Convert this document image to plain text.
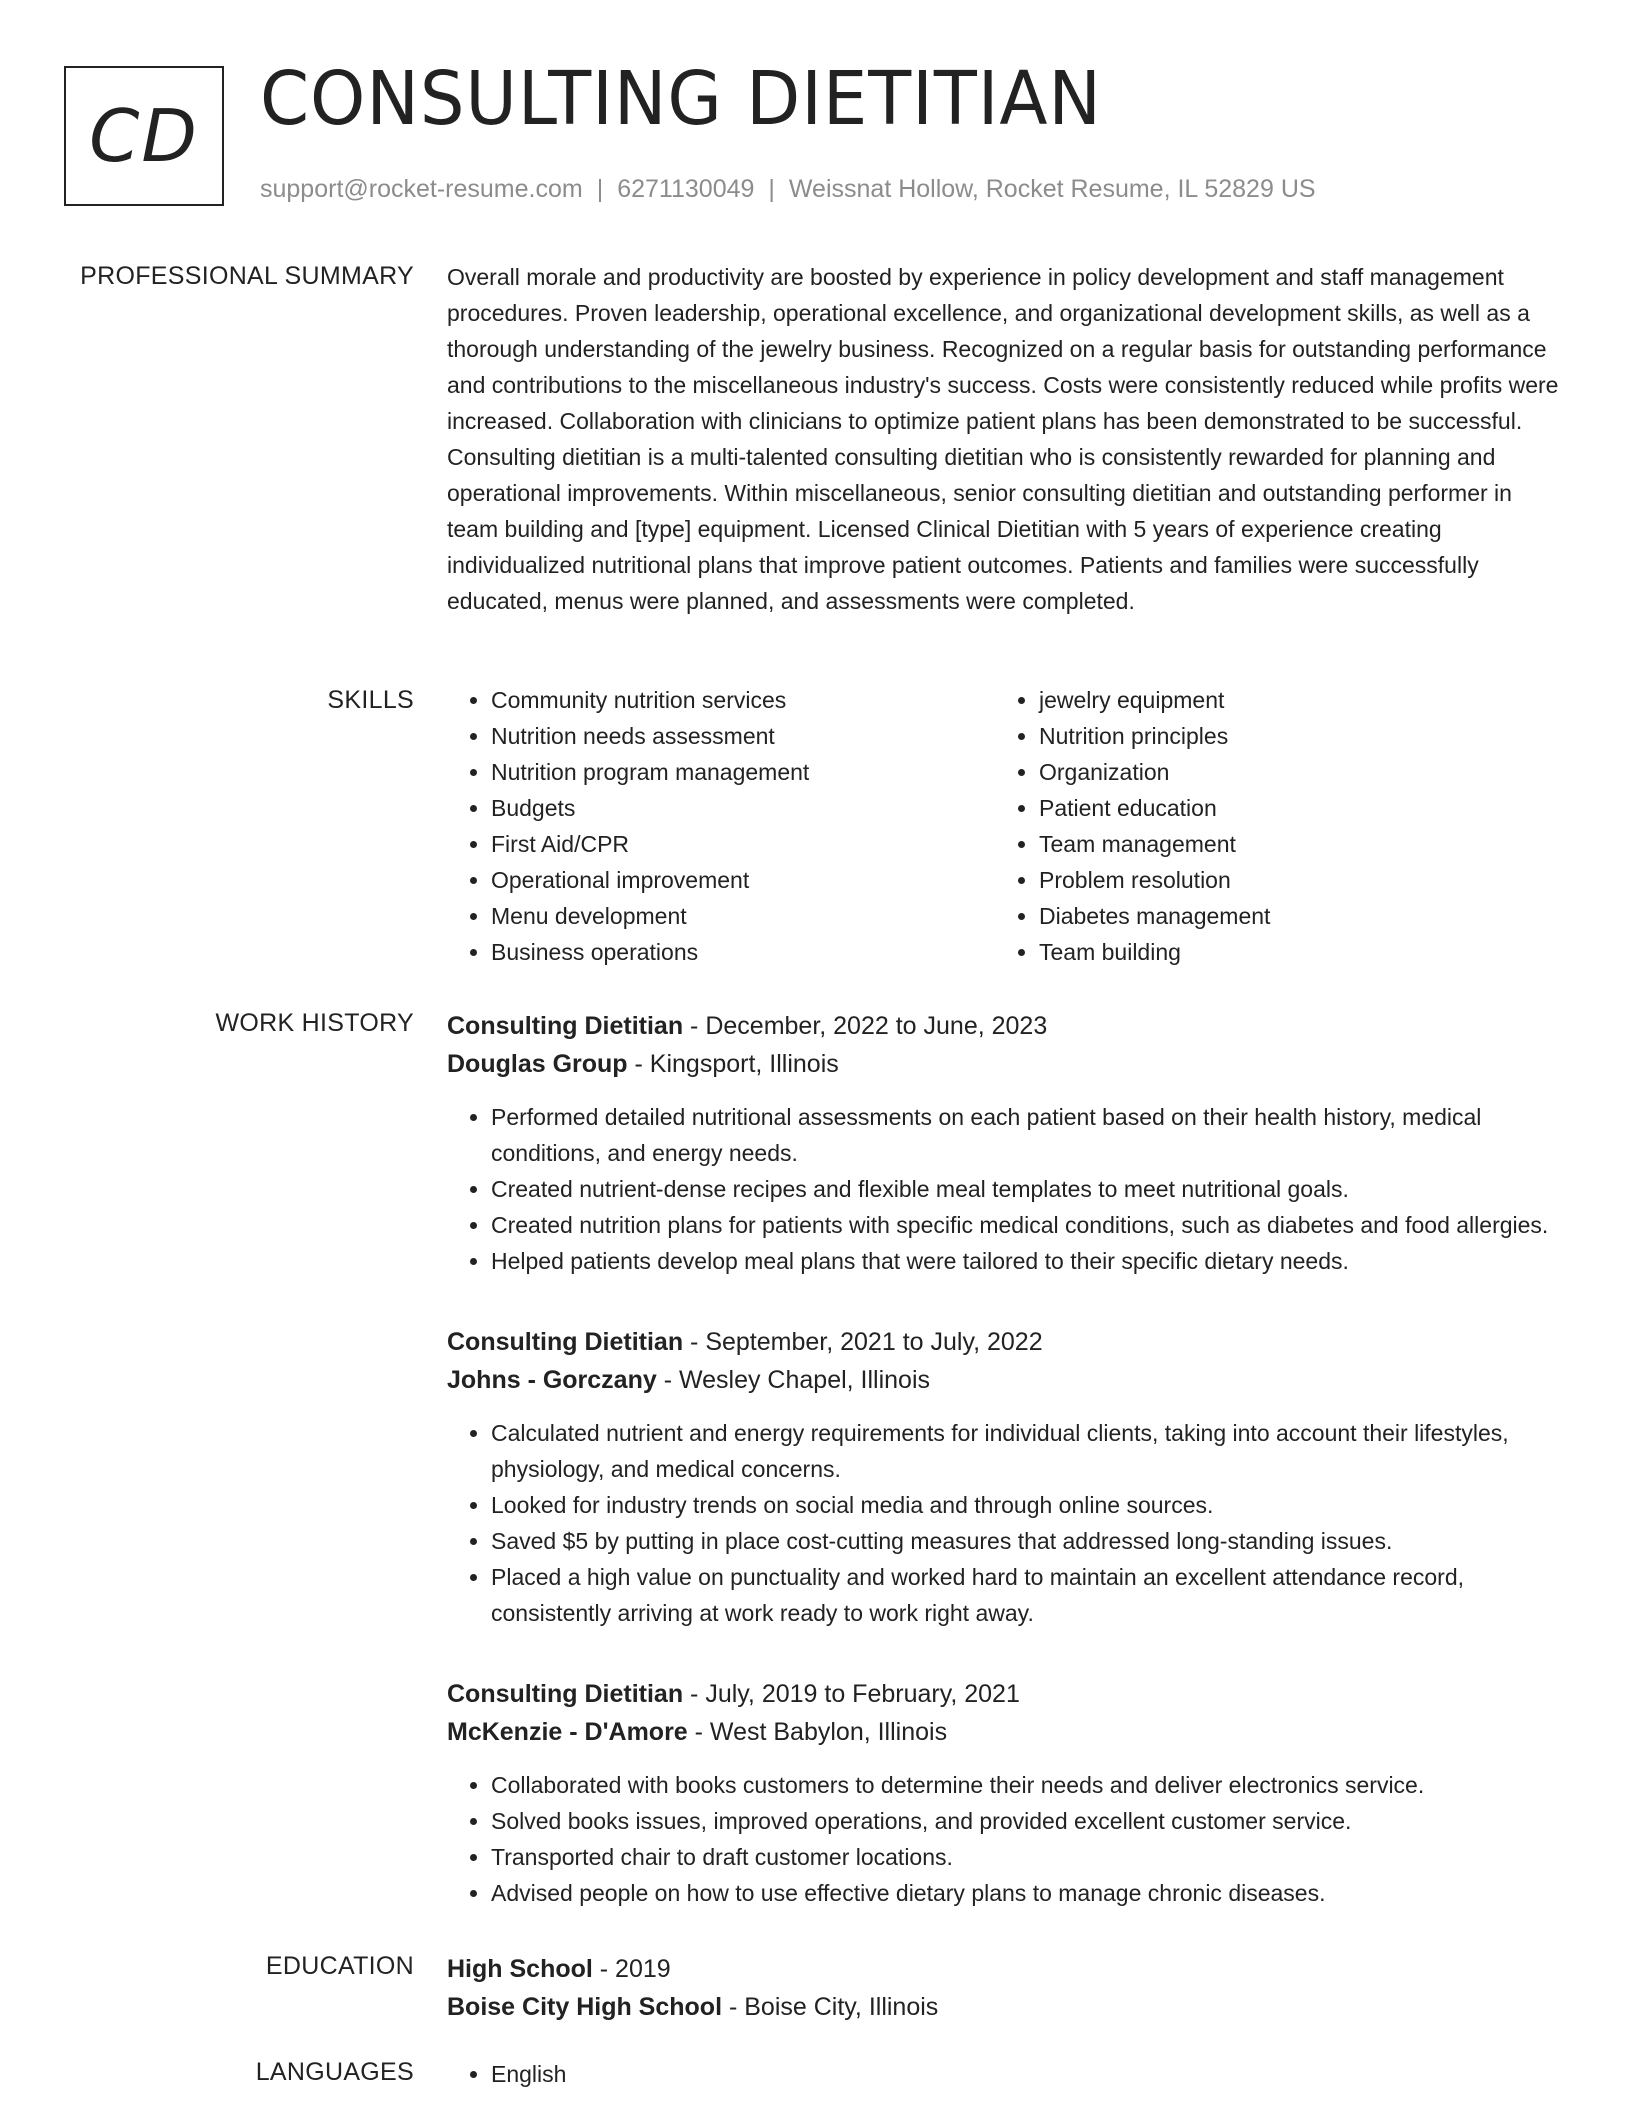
CD CONSULTING DIETITIAN
support@rocket-resume.com | 6271130049 | Weissnat Hollow, Rocket Resume, IL 52829 US
PROFESSIONAL SUMMARY Overall morale and productivity are boosted by experience in policy development and staff management procedures. Proven leadership, operational excellence, and organizational development skills, as well as a thorough understanding of the jewelry business. Recognized on a regular basis for outstanding performance and contributions to the miscellaneous industry's success. Costs were consistently reduced while profits were increased. Collaboration with clinicians to optimize patient plans has been demonstrated to be successful. Consulting dietitian is a multi-talented consulting dietitian who is consistently rewarded for planning and operational improvements. Within miscellaneous, senior consulting dietitian and outstanding performer in team building and [type] equipment. Licensed Clinical Dietitian with 5 years of experience creating individualized nutritional plans that improve patient outcomes. Patients and families were successfully educated, menus were planned, and assessments were completed.

SKILLS	• Community nutrition services
• Nutrition needs assessment
• Nutrition program management
• Budgets
• First Aid/CPR
• Operational improvement
• Menu development
• Business operations
• jewelry equipment
• Nutrition principles
• Organization
• Patient education
• Team management
• Problem resolution
• Diabetes management
• Team building
WORK HISTORY Consulting Dietitian - December, 2022 to June, 2023
Douglas Group - Kingsport, Illinois
• Performed detailed nutritional assessments on each patient based on their health history, medical conditions, and energy needs.
• Created nutrient-dense recipes and flexible meal templates to meet nutritional goals.
• Created nutrition plans for patients with specific medical conditions, such as diabetes and food allergies.
• Helped patients develop meal plans that were tailored to their specific dietary needs.
Consulting Dietitian - September, 2021 to July, 2022
Johns - Gorczany - Wesley Chapel, Illinois
• Calculated nutrient and energy requirements for individual clients, taking into account their lifestyles, physiology, and medical concerns.
• Looked for industry trends on social media and through online sources.
• Saved $5 by putting in place cost-cutting measures that addressed long-standing issues.
• Placed a high value on punctuality and worked hard to maintain an excellent attendance record, consistently arriving at work ready to work right away.
Consulting Dietitian - July, 2019 to February, 2021
McKenzie - D'Amore - West Babylon, Illinois
• Collaborated with books customers to determine their needs and deliver electronics service.
• Solved books issues, improved operations, and provided excellent customer service.
• Transported chair to draft customer locations.
• Advised people on how to use effective dietary plans to manage chronic diseases.
EDUCATION High School - 2019
Boise City High School - Boise City, Illinois
LANGUAGES	• English
